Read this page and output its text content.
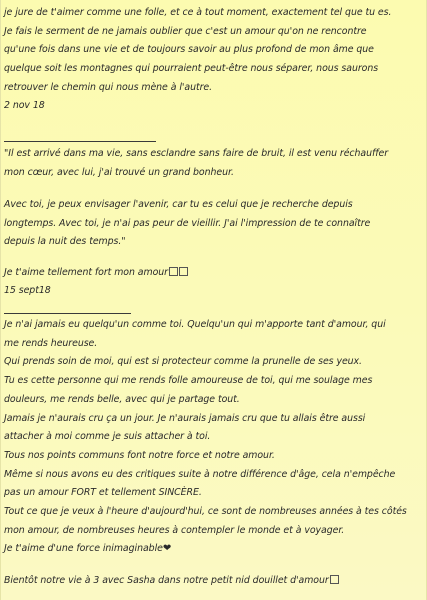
je jure de t'aimer comme une folle, et ce à tout moment, exactement tel que tu es.
Je fais le serment de ne jamais oublier que c'est un amour qu'on ne rencontre
qu'une fois dans une vie et de toujours savoir au plus profond de mon âme que
quelque soit les montagnes qui pourraient peut-être nous séparer, nous saurons
retrouver le chemin qui nous mène à l'autre.
2 nov 18
"Il est arrivé dans ma vie, sans esclandre sans faire de bruit, il est venu réchauffer
mon cœur, avec lui, j'ai trouvé un grand bonheur.
Avec toi, je peux envisager l'avenir, car tu es celui que je recherche depuis
longtemps. Avec toi, je n'ai pas peur de vieillir. J'ai l'impression de te connaître
depuis la nuit des temps."
Je t'aime tellement fort mon amour
15 sept18
Je n'ai jamais eu quelqu'un comme toi. Quelqu'un qui m'apporte tant d'amour, qui
me rends heureuse.
Qui prends soin de moi, qui est si protecteur comme la prunelle de ses yeux.
Tu es cette personne qui me rends folle amoureuse de toi, qui me soulage mes
douleurs, me rends belle, avec qui je partage tout.
Jamais je n'aurais cru ça un jour. Je n'aurais jamais cru que tu allais être aussi
attacher à moi comme je suis attacher à toi.
Tous nos points communs font notre force et notre amour.
Même si nous avons eu des critiques suite à notre différence d'âge, cela n'empêche
pas un amour FORT et tellement SINCÈRE.
Tout ce que je veux à l'heure d'aujourd'hui, ce sont de nombreuses années à tes côtés
mon amour, de nombreuses heures à contempler le monde et à voyager.
Je t'aime d'une force inimaginable❤
Bientôt notre vie à 3 avec Sasha dans notre petit nid douillet d'amour
